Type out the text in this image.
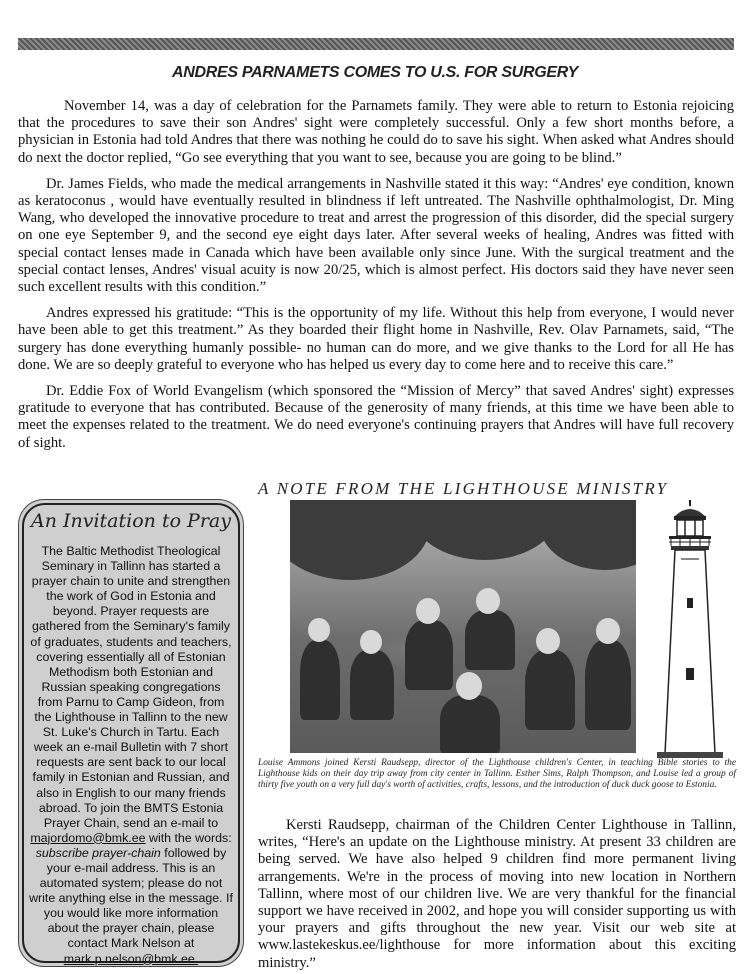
ANDRES PARNAMETS COMES TO U.S. FOR SURGERY

November 14, was a day of celebration for the Parnamets family. They were able to return to Estonia rejoicing that the procedures to save their son Andres' sight were completely successful. Only a few short months before, a physician in Estonia had told Andres that there was nothing he could do to save his sight. When asked what Andres should do next the doctor replied, “Go see everything that you want to see, because you are going to be blind.”

Dr. James Fields, who made the medical arrangements in Nashville stated it this way: “Andres' eye condition, known as keratoconus , would have eventually resulted in blindness if left untreated. The Nashville ophthalmologist, Dr. Ming Wang, who developed the innovative procedure to treat and arrest the progression of this disorder, did the special surgery on one eye September 9, and the second eye eight days later. After several weeks of healing, Andres was fitted with special contact lenses made in Canada which have been available only since June. With the surgical treatment and the special contact lenses, Andres' visual acuity is now 20/25, which is almost perfect. His doctors said they have never seen such excellent results with this condition.”

Andres expressed his gratitude: “This is the opportunity of my life. Without this help from everyone, I would never have been able to get this treatment.” As they boarded their flight home in Nashville, Rev. Olav Parnamets, said, “The surgery has done everything humanly possible- no human can do more, and we give thanks to the Lord for all He has done. We are so deeply grateful to everyone who has helped us every day to come here and to receive this care.”

Dr. Eddie Fox of World Evangelism (which sponsored the “Mission of Mercy” that saved Andres' sight) expresses gratitude to everyone that has contributed. Because of the generosity of many friends, at this time we have been able to meet the expenses related to the treatment. We do need everyone's continuing prayers that Andres will have full recovery of sight.

An Invitation to Pray
The Baltic Methodist Theological Seminary in Tallinn has started a prayer chain to unite and strengthen the work of God in Estonia and beyond. Prayer requests are gathered from the Seminary's family of graduates, students and teachers, covering essentially all of Estonian Methodism both Estonian and Russian speaking congregations from Parnu to Camp Gideon, from the Lighthouse in Tallinn to the new St. Luke's Church in Tartu. Each week an e-mail Bulletin with 7 short requests are sent back to our local family in Estonian and Russian, and also in English to our many friends abroad. To join the BMTS Estonia Prayer Chain, send an e-mail to majordomo@bmk.ee with the words: subscribe prayer-chain followed by your e-mail address. This is an automated system; please do not write anything else in the message. If you would like more information about the prayer chain, please contact Mark Nelson at mark.p.nelson@bmk.ee.
A NOTE FROM THE LIGHTHOUSE MINISTRY
Louise Ammons joined Kersti Raudsepp, director of the Lighthouse children's Center, in teaching Bible stories to the Lighthouse kids on their day trip away from city center in Tallinn. Esther Sims, Ralph Thompson, and Louise led a group of thirty five youth on a very full day's worth of activities, crafts, lessons, and the introduction of duck duck goose to Estonia.

Kersti Raudsepp, chairman of the Children Center Lighthouse in Tallinn, writes, “Here's an update on the Lighthouse ministry. At present 33 children are being served. We have also helped 9 children find more permanent living arrangements. We're in the process of moving into new location in Northern Tallinn, where most of our children live. We are very thankful for the financial support we have received in 2002, and hope you will consider supporting us with your prayers and gifts throughout the new year. Visit our web site at www.lastekeskus.ee/lighthouse for more information about this exciting ministry.”
